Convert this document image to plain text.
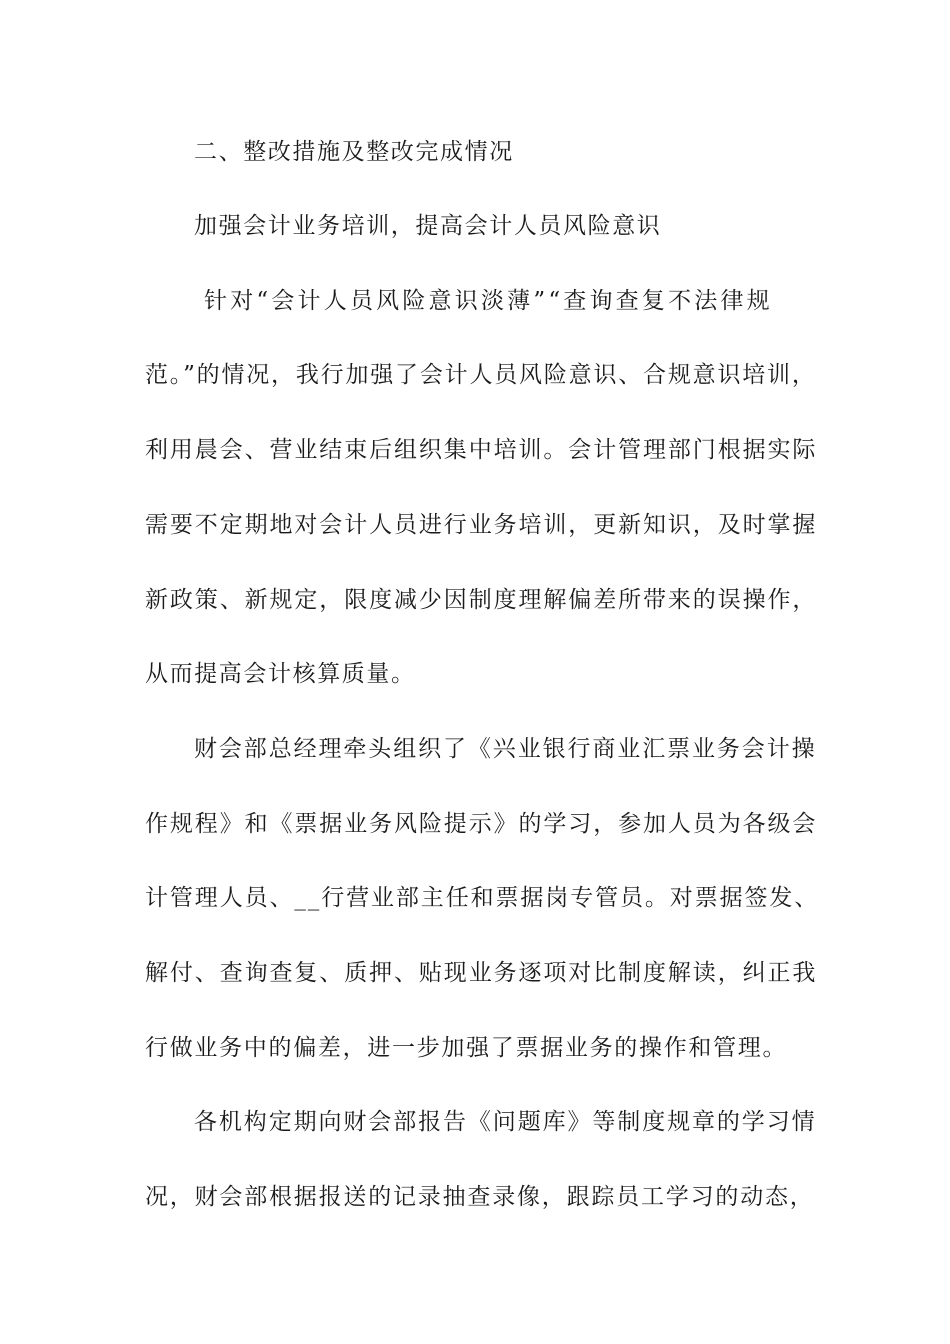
二、整改措施及整改完成情况
加强会计业务培训，提高会计人员风险意识
针对“会计人员风险意识淡薄”“查询查复不法律规
范。”的情况，我行加强了会计人员风险意识、合规意识培训，
利用晨会、营业结束后组织集中培训。会计管理部门根据实际
需要不定期地对会计人员进行业务培训，更新知识，及时掌握
新政策、新规定，限度减少因制度理解偏差所带来的误操作，
从而提高会计核算质量。
财会部总经理牵头组织了《兴业银行商业汇票业务会计操
作规程》和《票据业务风险提示》的学习，参加人员为各级会
计管理人员、__行营业部主任和票据岗专管员。对票据签发、
解付、查询查复、质押、贴现业务逐项对比制度解读，纠正我
行做业务中的偏差，进一步加强了票据业务的操作和管理。
各机构定期向财会部报告《问题库》等制度规章的学习情
况，财会部根据报送的记录抽查录像，跟踪员工学习的动态，
